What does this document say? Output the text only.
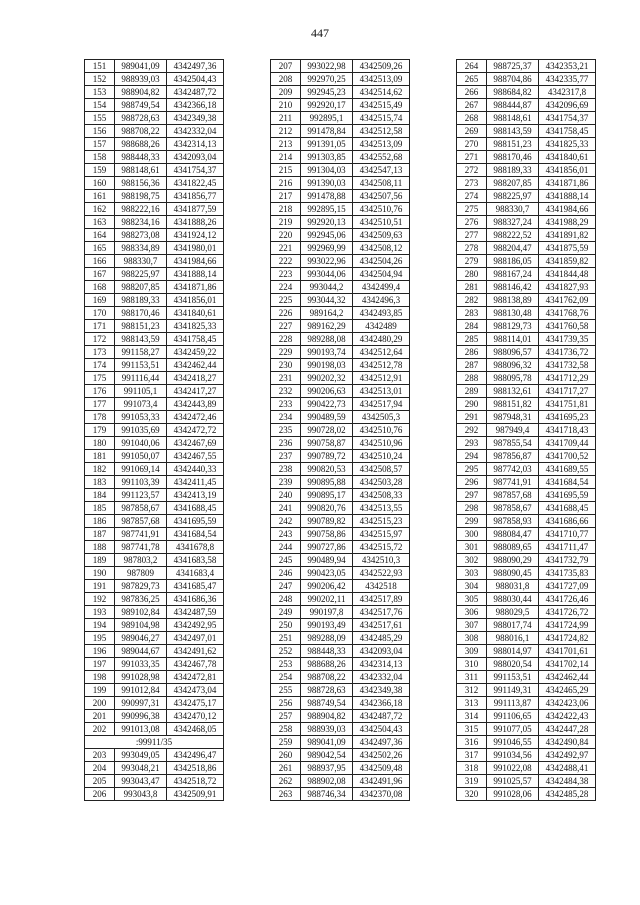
447
151	989041,09	4342497,36
152	988939,03	4342504,43
153	988904,82	4342487,72
154	988749,54	4342366,18
155	988728,63	4342349,38
156	988708,22	4342332,04
157	988688,26	4342314,13
158	988448,33	4342093,04
159	988148,61	4341754,37
160	988156,36	4341822,45
161	988198,75	4341856,77
162	988222,16	4341877,59
163	988234,16	4341888,26
164	988273,08	4341924,12
165	988334,89	4341980,01
166	988330,7	4341984,66
167	988225,97	4341888,14
168	988207,85	4341871,86
169	988189,33	4341856,01
170	988170,46	4341840,61
171	988151,23	4341825,33
172	988143,59	4341758,45
173	991158,27	4342459,22
174	991153,51	4342462,44
175	991116,44	4342418,27
176	991105,1	4342417,27
177	991073,4	4342443,89
178	991053,33	4342472,46
179	991035,69	4342472,72
180	991040,06	4342467,69
181	991050,07	4342467,55
182	991069,14	4342440,33
183	991103,39	4342411,45
184	991123,57	4342413,19
185	987858,67	4341688,45
186	987857,68	4341695,59
187	987741,91	4341684,54
188	987741,78	4341678,8
189	987803,2	4341683,58
190	987809	4341683,4
191	987829,73	4341685,47
192	987836,25	4341686,36
193	989102,84	4342487,59
194	989104,98	4342492,95
195	989046,27	4342497,01
196	989044,67	4342491,62
197	991033,35	4342467,78
198	991028,98	4342472,81
199	991012,84	4342473,04
200	990997,31	4342475,17
201	990996,38	4342470,12
202	991013,08	4342468,05
:99911/35		
203	993049,05	4342496,47
204	993048,21	4342518,86
205	993043,47	4342518,72
206	993043,8	4342509,91
207	993022,98	4342509,26
208	992970,25	4342513,09
209	992945,23	4342514,62
210	992920,17	4342515,49
211	992895,1	4342515,74
212	991478,84	4342512,58
213	991391,05	4342513,09
214	991303,85	4342552,68
215	991304,03	4342547,13
216	991390,03	4342508,11
217	991478,88	4342507,56
218	992895,15	4342510,76
219	992920,13	4342510,51
220	992945,06	4342509,63
221	992969,99	4342508,12
222	993022,96	4342504,26
223	993044,06	4342504,94
224	993044,2	4342499,4
225	993044,32	4342496,3
226	989164,2	4342493,85
227	989162,29	4342489
228	989288,08	4342480,29
229	990193,74	4342512,64
230	990198,03	4342512,78
231	990202,32	4342512,91
232	990206,63	4342513,01
233	990422,73	4342517,94
234	990489,59	4342505,3
235	990728,02	4342510,76
236	990758,87	4342510,96
237	990789,72	4342510,24
238	990820,53	4342508,57
239	990895,88	4342503,28
240	990895,17	4342508,33
241	990820,76	4342513,55
242	990789,82	4342515,23
243	990758,86	4342515,97
244	990727,86	4342515,72
245	990489,94	4342510,3
246	990423,05	4342522,93
247	990206,42	4342518
248	990202,11	4342517,89
249	990197,8	4342517,76
250	990193,49	4342517,61
251	989288,09	4342485,29
252	988448,33	4342093,04
253	988688,26	4342314,13
254	988708,22	4342332,04
255	988728,63	4342349,38
256	988749,54	4342366,18
257	988904,82	4342487,72
258	988939,03	4342504,43
259	989041,09	4342497,36
260	989042,54	4342502,26
261	988937,95	4342509,48
262	988902,08	4342491,96
263	988746,34	4342370,08
264	988725,37	4342353,21
265	988704,86	4342335,77
266	988684,82	4342317,8
267	988444,87	4342096,69
268	988148,61	4341754,37
269	988143,59	4341758,45
270	988151,23	4341825,33
271	988170,46	4341840,61
272	988189,33	4341856,01
273	988207,85	4341871,86
274	988225,97	4341888,14
275	988330,7	4341984,66
276	988327,24	4341988,29
277	988222,52	4341891,82
278	988204,47	4341875,59
279	988186,05	4341859,82
280	988167,24	4341844,48
281	988146,42	4341827,93
282	988138,89	4341762,09
283	988130,48	4341768,76
284	988129,73	4341760,58
285	988114,01	4341739,35
286	988096,57	4341736,72
287	988096,32	4341732,58
288	988095,78	4341712,29
289	988132,61	4341717,27
290	988151,82	4341751,81
291	987948,31	4341695,23
292	987949,4	4341718,43
293	987855,54	4341709,44
294	987856,87	4341700,52
295	987742,03	4341689,55
296	987741,91	4341684,54
297	987857,68	4341695,59
298	987858,67	4341688,45
299	987858,93	4341686,66
300	988084,47	4341710,77
301	988089,65	4341711,47
302	988090,29	4341732,79
303	988090,45	4341735,83
304	988031,8	4341727,09
305	988030,44	4341726,46
306	988029,5	4341726,72
307	988017,74	4341724,99
308	988016,1	4341724,82
309	988014,97	4341701,61
310	988020,54	4341702,14
311	991153,51	4342462,44
312	991149,31	4342465,29
313	991113,87	4342423,06
314	991106,65	4342422,43
315	991077,05	4342447,28
316	991046,55	4342490,84
317	991034,56	4342492,97
318	991022,08	4342488,41
319	991025,57	4342484,38
320	991028,06	4342485,28
